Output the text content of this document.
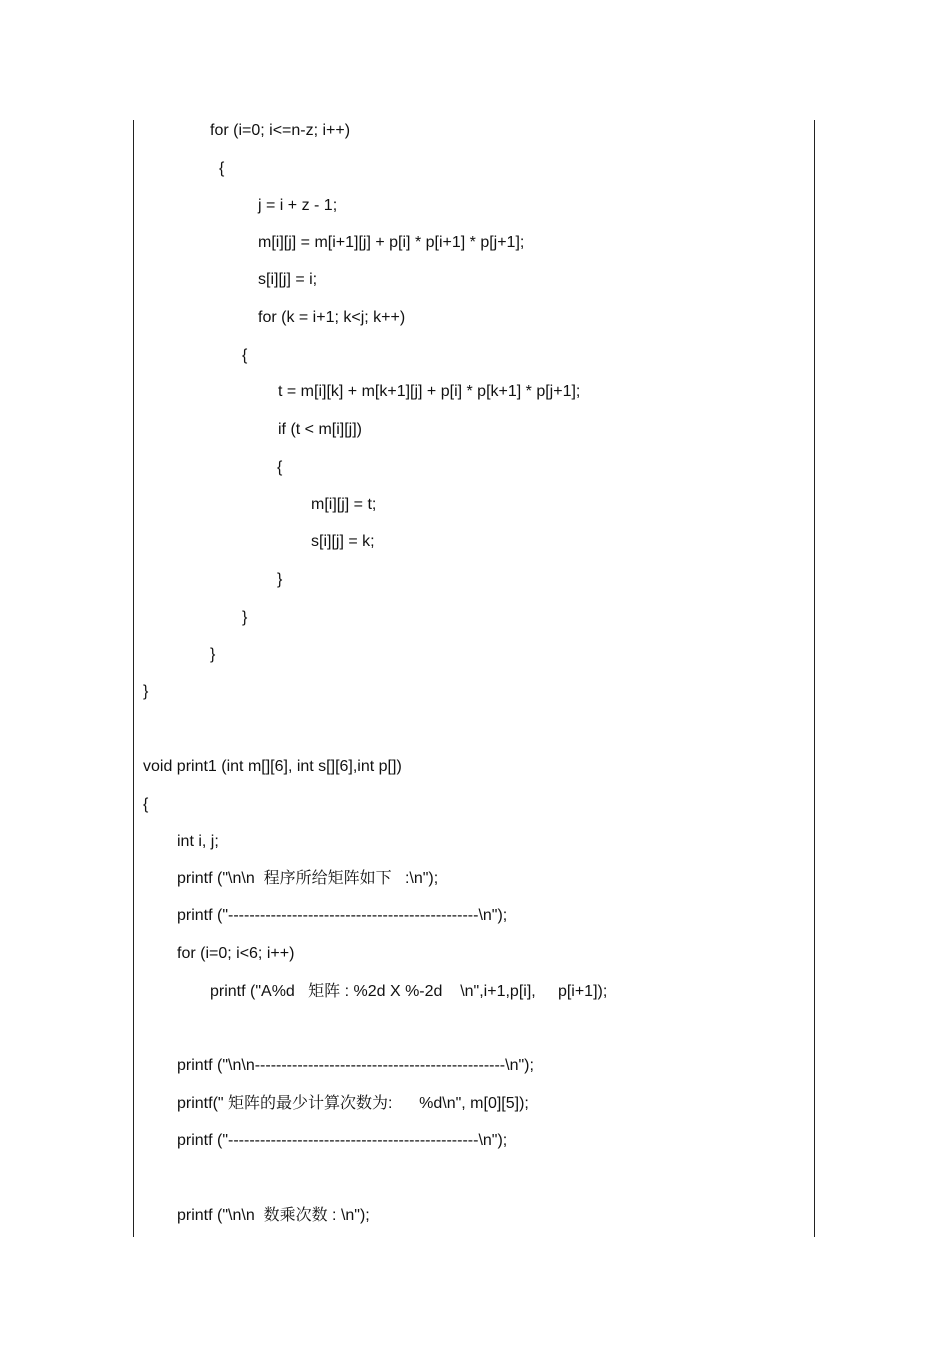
for (i=0; i<=n-z; i++)
{
j = i + z - 1;
m[i][j] = m[i+1][j] + p[i] * p[i+1] * p[j+1];
s[i][j] = i;
for (k = i+1; k<j; k++)
{
t = m[i][k] + m[k+1][j] + p[i] * p[k+1] * p[j+1];
if (t < m[i][j])
{
m[i][j] = t;
s[i][j] = k;
}
}
}
}
void print1 (int m[][6], int s[][6],int p[])
{
int i, j;
printf ("\n\n  程序所给矩阵如下   :\n");
printf ("-----------------------------------------------\n");
for (i=0; i<6; i++)
printf ("A%d   矩阵 : %2d X %-2d    \n",i+1,p[i],     p[i+1]);
printf ("\n\n-----------------------------------------------\n");
printf(" 矩阵的最少计算次数为:      %d\n", m[0][5]);
printf ("-----------------------------------------------\n");
printf ("\n\n  数乘次数 : \n");
